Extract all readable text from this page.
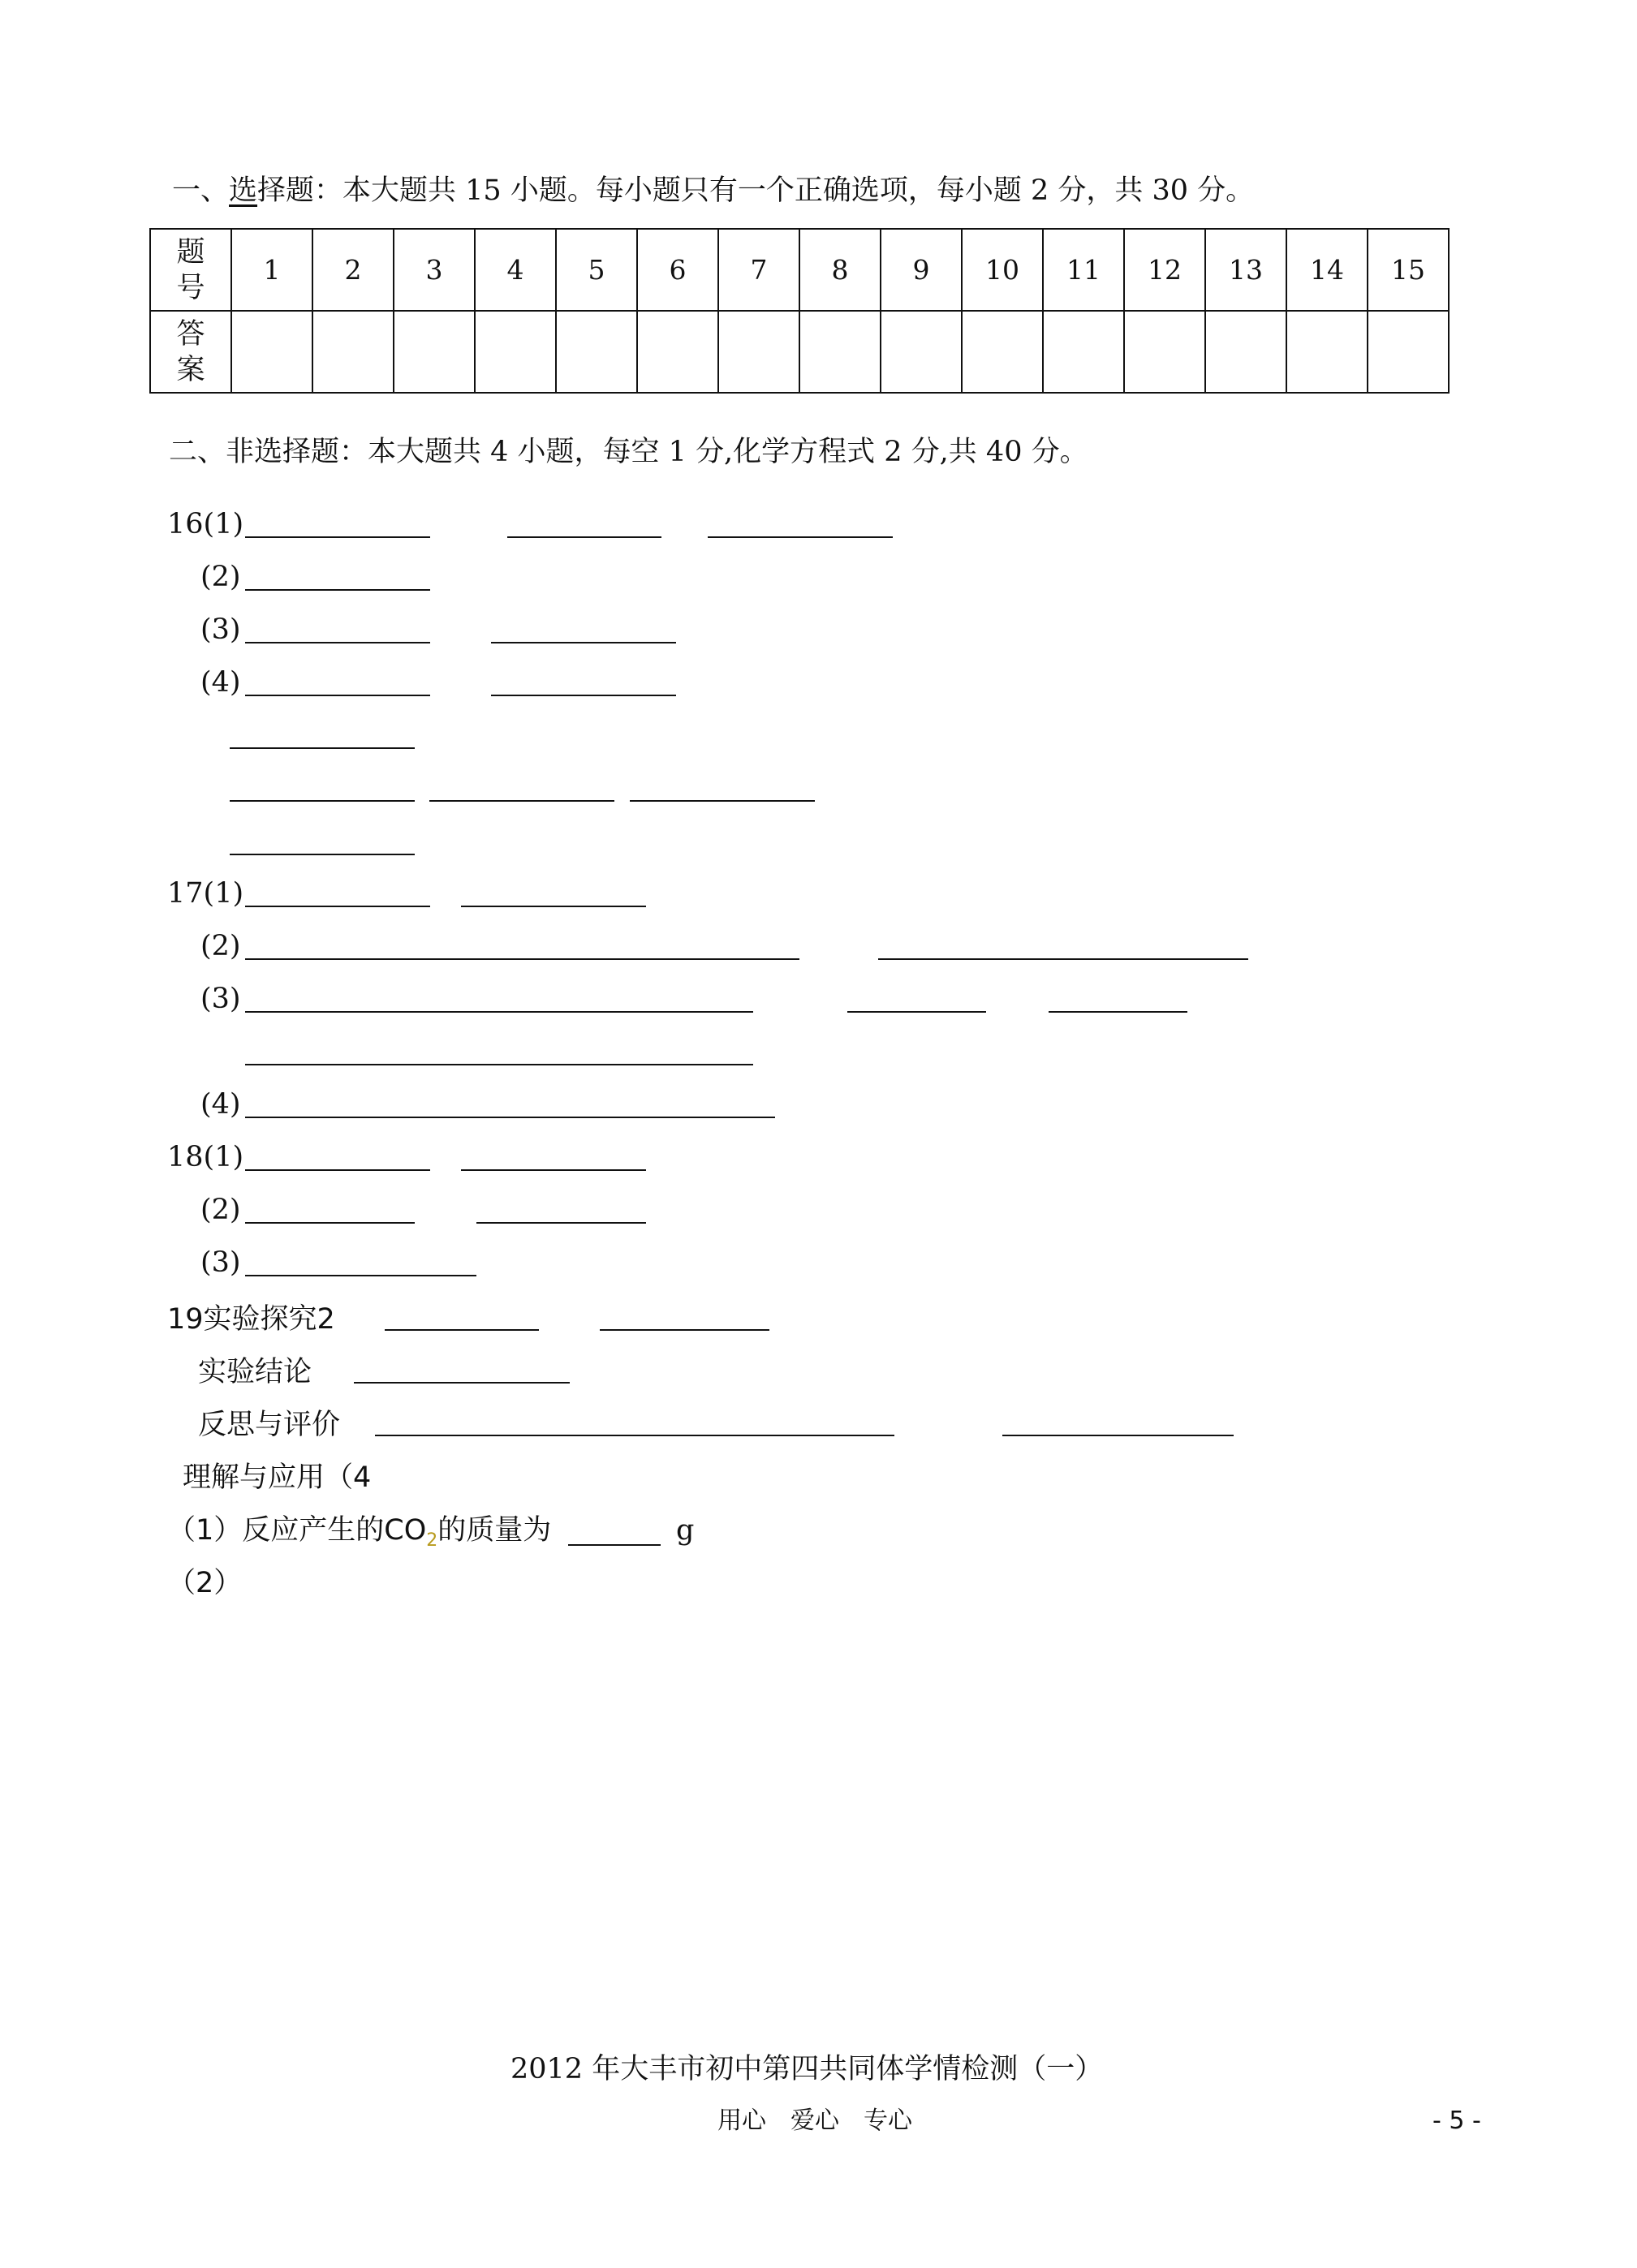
一、选择题：本大题共 15 小题。每小题只有一个正确选项，每小题 2 分，共 30 分。
题号	1	2	3	4	5	6	7	8	9	10	11	12	13	14	15
答案															
二、非选择题：本大题共 4 小题，每空 1 分,化学方程式 2 分,共 40 分。
16(1)
(2)
(3)
(4)
17(1)
(2)
(3)
(4)
18(1)
(2)
(3)
19实验探究2
实验结论
反思与评价
理解与应用（4
（1）反应产生的$CO_2$的质量为	g
（2）
2012 年大丰市初中第四共同体学情检测（一）
用心　爱心　专心	- 5 -
